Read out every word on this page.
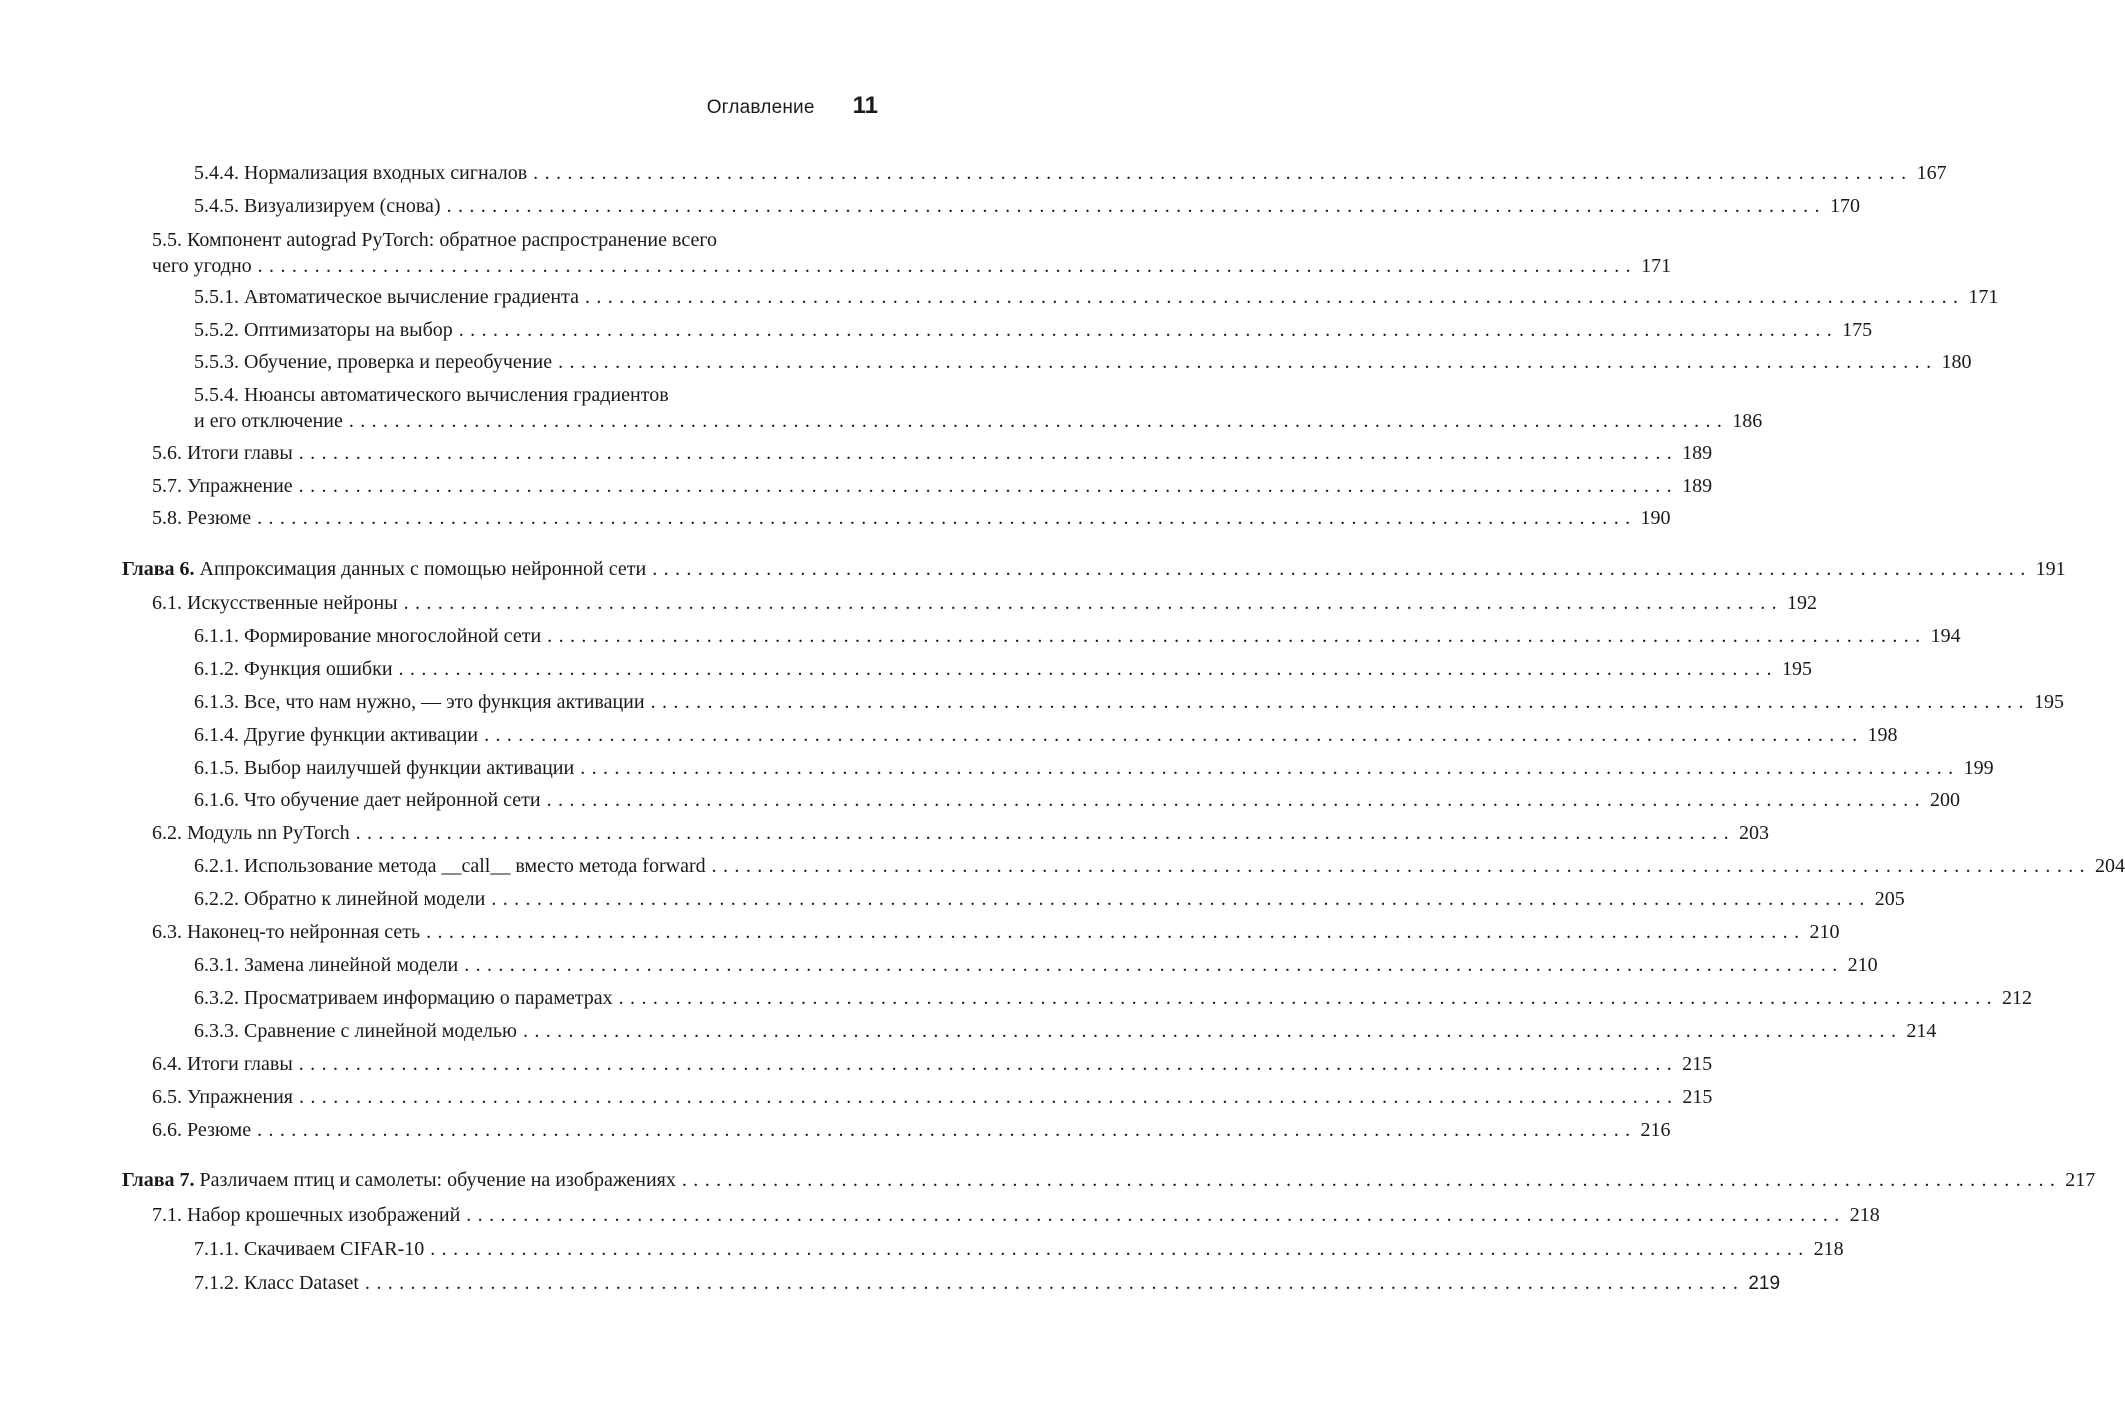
Оглавление 11
5.4.4. Нормализация входных сигналов ......................................................................................................................... 167
5.4.5. Визуализируем (снова) ......................................................................................................................... 170
5.5. Компонент autograd PyTorch: обратное распространение всего
чего угодно ......................................................................................................................... 171
5.5.1. Автоматическое вычисление градиента ......................................................................................................................... 171
5.5.2. Оптимизаторы на выбор ......................................................................................................................... 175
5.5.3. Обучение, проверка и переобучение ......................................................................................................................... 180
5.5.4. Нюансы автоматического вычисления градиентов
и его отключение ......................................................................................................................... 186
5.6. Итоги главы ......................................................................................................................... 189
5.7. Упражнение ......................................................................................................................... 189
5.8. Резюме ......................................................................................................................... 190
Глава 6. Аппроксимация данных с помощью нейронной сети ......................................................................................................................... 191
6.1. Искусственные нейроны ......................................................................................................................... 192
6.1.1. Формирование многослойной сети ......................................................................................................................... 194
6.1.2. Функция ошибки ......................................................................................................................... 195
6.1.3. Все, что нам нужно, — это функция активации ......................................................................................................................... 195
6.1.4. Другие функции активации ......................................................................................................................... 198
6.1.5. Выбор наилучшей функции активации ......................................................................................................................... 199
6.1.6. Что обучение дает нейронной сети ......................................................................................................................... 200
6.2. Модуль nn PyTorch ......................................................................................................................... 203
6.2.1. Использование метода __call__ вместо метода forward ......................................................................................................................... 204
6.2.2. Обратно к линейной модели ......................................................................................................................... 205
6.3. Наконец-то нейронная сеть ......................................................................................................................... 210
6.3.1. Замена линейной модели ......................................................................................................................... 210
6.3.2. Просматриваем информацию о параметрах ......................................................................................................................... 212
6.3.3. Сравнение с линейной моделью ......................................................................................................................... 214
6.4. Итоги главы ......................................................................................................................... 215
6.5. Упражнения ......................................................................................................................... 215
6.6. Резюме ......................................................................................................................... 216
Глава 7. Различаем птиц и самолеты: обучение на изображениях ......................................................................................................................... 217
7.1. Набор крошечных изображений ......................................................................................................................... 218
7.1.1. Скачиваем CIFAR-10 ......................................................................................................................... 218
7.1.2. Класс Dataset ......................................................................................................................... 219
